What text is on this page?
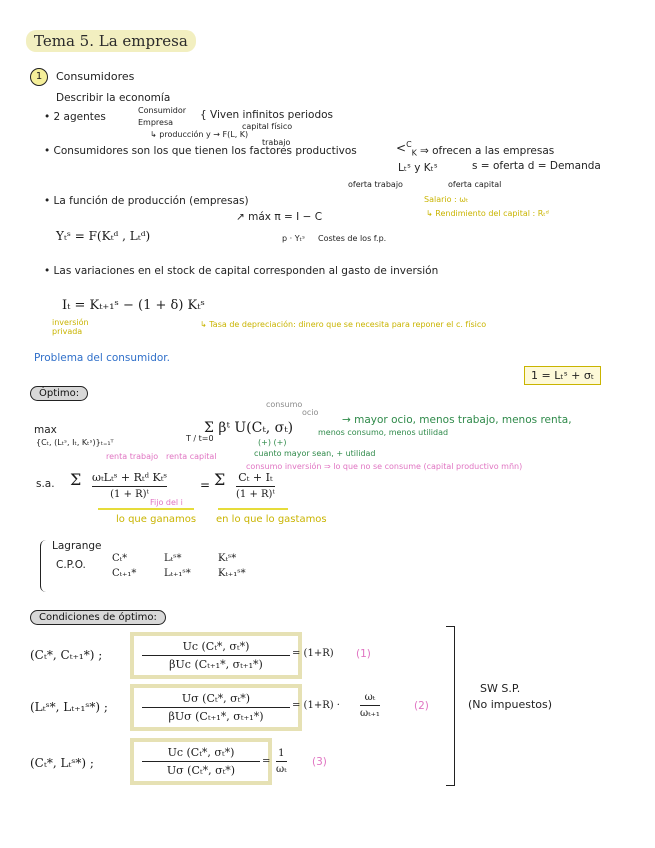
Tema 5. La empresa
1	Consumidores
Describir la economía
• 2 agentes
Consumidor
Empresa
{ Viven infinitos periodos
capital físico
↳ producción y → F(L, K)
trabajo
• Consumidores son los que tienen los factores productivos	<$^C_K$ ⇒ ofrecen a las empresas
Lₜˢ y Kₜˢ	s = oferta d = Demanda
oferta trabajo	oferta capital
Salario : ωₜ
↳ Rendimiento del capital : Rₜᵈ
• La función de producción (empresas)
↗ máx π = I − C
Yₜˢ = F(Kₜᵈ , Lₜᵈ)	p · Yₜˢ Costes de los f.p.
• Las variaciones en el stock de capital corresponden al gasto de inversión
Iₜ = Kₜ₊₁ˢ − (1 + δ) Kₜˢ
inversión privada
↳ Tasa de depreciación: dinero que se necesita para reponer el c. físico
Problema del consumidor.
1 = Lₜˢ + σₜ
Óptimo:
consumo
ocio
max
{Cₜ, (Lₜˢ, Iₜ, Kₜˢ)}ₜ₌₁ᵀ	T / t=0
Σ βᵗ U(Cₜ, σₜ)
(+) (+)
→ mayor ocio, menos trabajo, menos renta,
menos consumo, menos utilidad
cuanto mayor sean, + utilidad
renta trabajo renta capital
consumo inversión ⇒ lo que no se consume (capital productivo mñn)
s.a. Σ ωₜLₜˢ + Rₜᵈ Kₜˢ
(1 + R)ᵗ
= Σ Cₜ + Iₜ
(1 + R)ᵗ
Fijo del i
lo que ganamos en lo que lo gastamos
Lagrange
C.P.O.
Cₜ*	Lₜˢ*	Kₜˢ*
Cₜ₊₁*	Lₜ₊₁ˢ*	Kₜ₊₁ˢ*
Condiciones de óptimo:
(Cₜ*, Cₜ₊₁*) ;
Uc (Cₜ*, σₜ*)
βUc (Cₜ₊₁*, σₜ₊₁*)
= (1+R) (1)
(Lₜˢ*, Lₜ₊₁ˢ*) ;
Uσ (Cₜ*, σₜ*)
βUσ (Cₜ₊₁*, σₜ₊₁*)
= (1+R) ·
ωₜ
ωₜ₊₁
(2)
(Cₜ*, Lₜˢ*) ;
Uc (Cₜ*, σₜ*)
Uσ (Cₜ*, σₜ*)
=
1
ωₜ
(3)
SW S.P.
(No impuestos)
